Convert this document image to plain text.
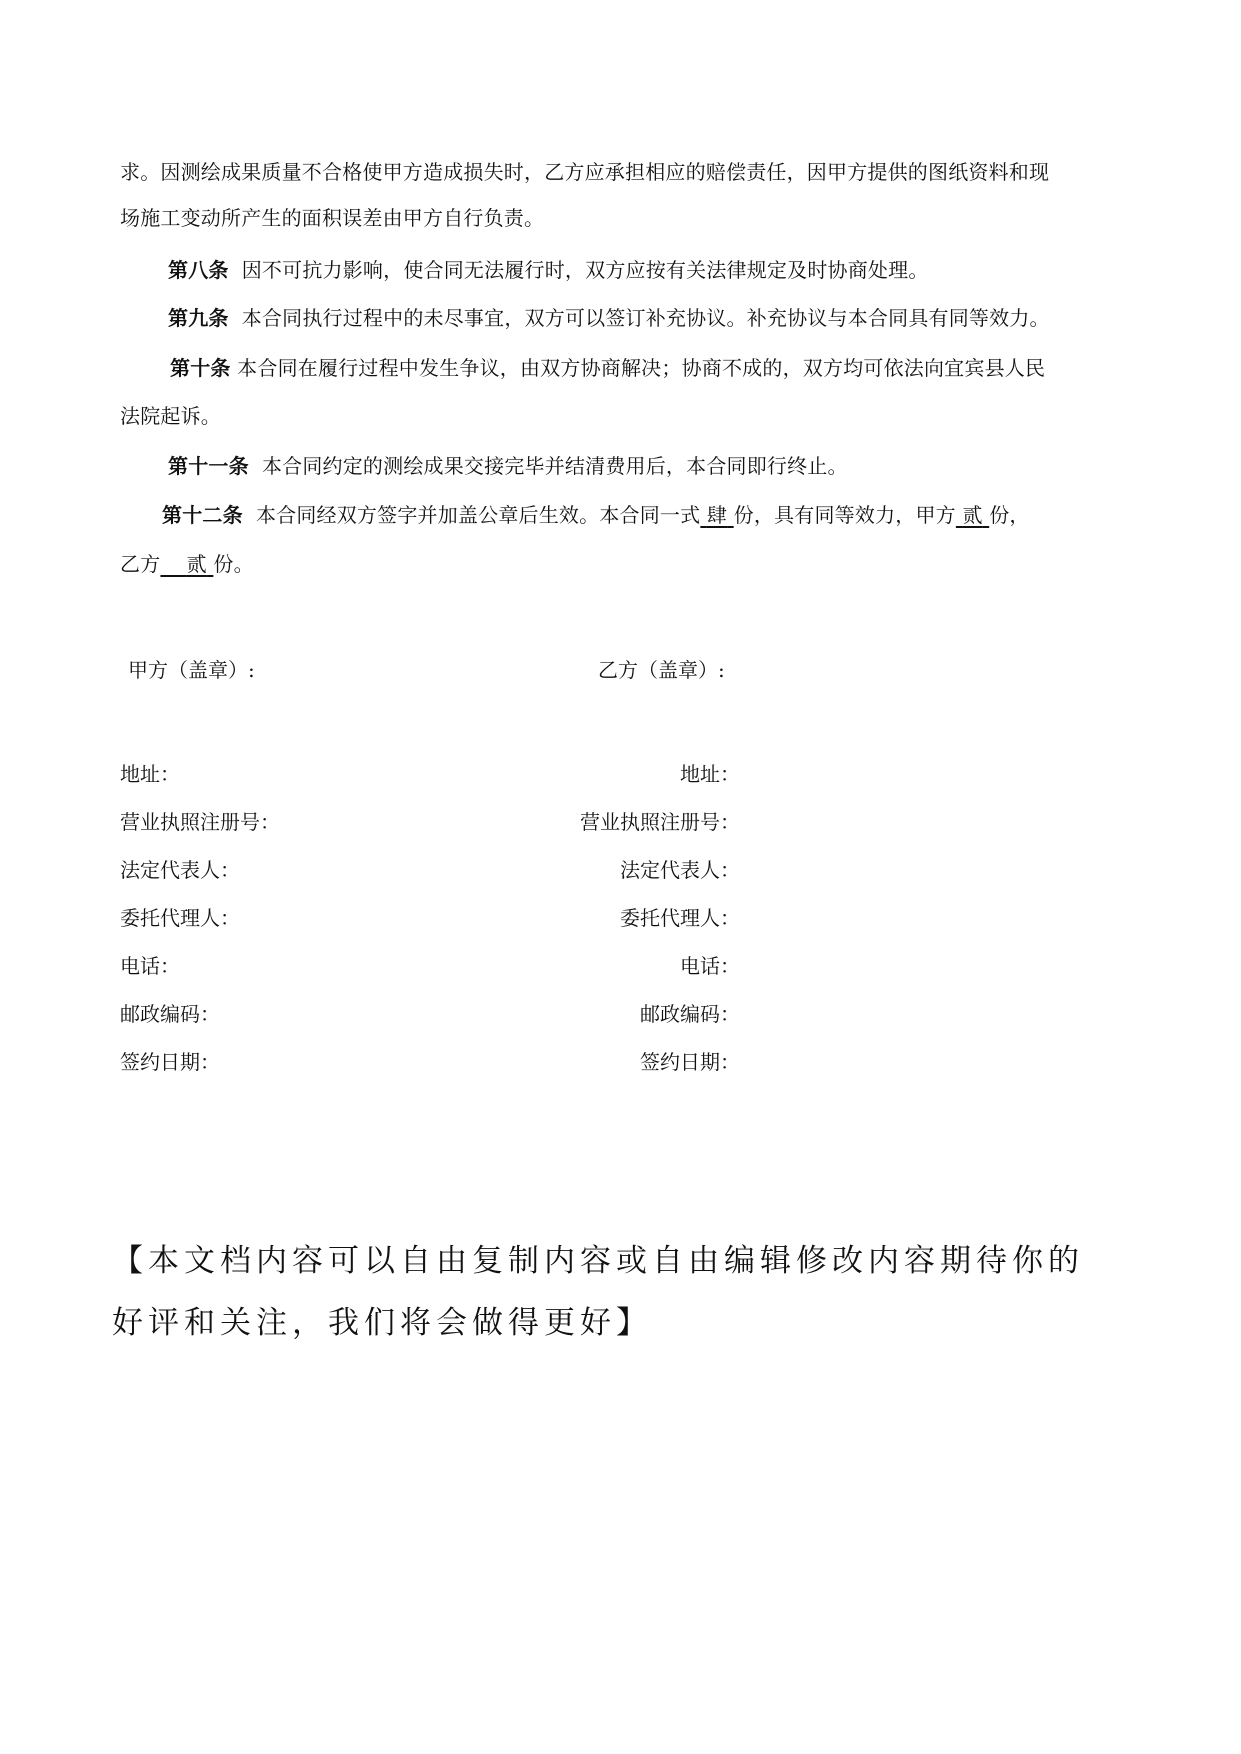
求。因测绘成果质量不合格使甲方造成损失时，乙方应承担相应的赔偿责任，因甲方提供的图纸资料和现
场施工变动所产生的面积误差由甲方自行负责。
第八条 因不可抗力影响，使合同无法履行时，双方应按有关法律规定及时协商处理。
第九条 本合同执行过程中的未尽事宜，双方可以签订补充协议。补充协议与本合同具有同等效力。
第十条 本合同在履行过程中发生争议，由双方协商解决；协商不成的，双方均可依法向宜宾县人民
法院起诉。
第十一条 本合同约定的测绘成果交接完毕并结清费用后，本合同即行终止。
第十二条 本合同经双方签字并加盖公章后生效。本合同一式 肆 份，具有同等效力，甲方 贰 份，
乙方 贰 份。
甲方（盖章）:	乙方（盖章）:
地址：	地址：
营业执照注册号：	营业执照注册号：
法定代表人：	法定代表人：
委托代理人：	委托代理人：
电话：	电话：
邮政编码：	邮政编码：
签约日期：	签约日期：
【本文档内容可以自由复制内容或自由编辑修改内容期待你的
好评和关注，我们将会做得更好】
